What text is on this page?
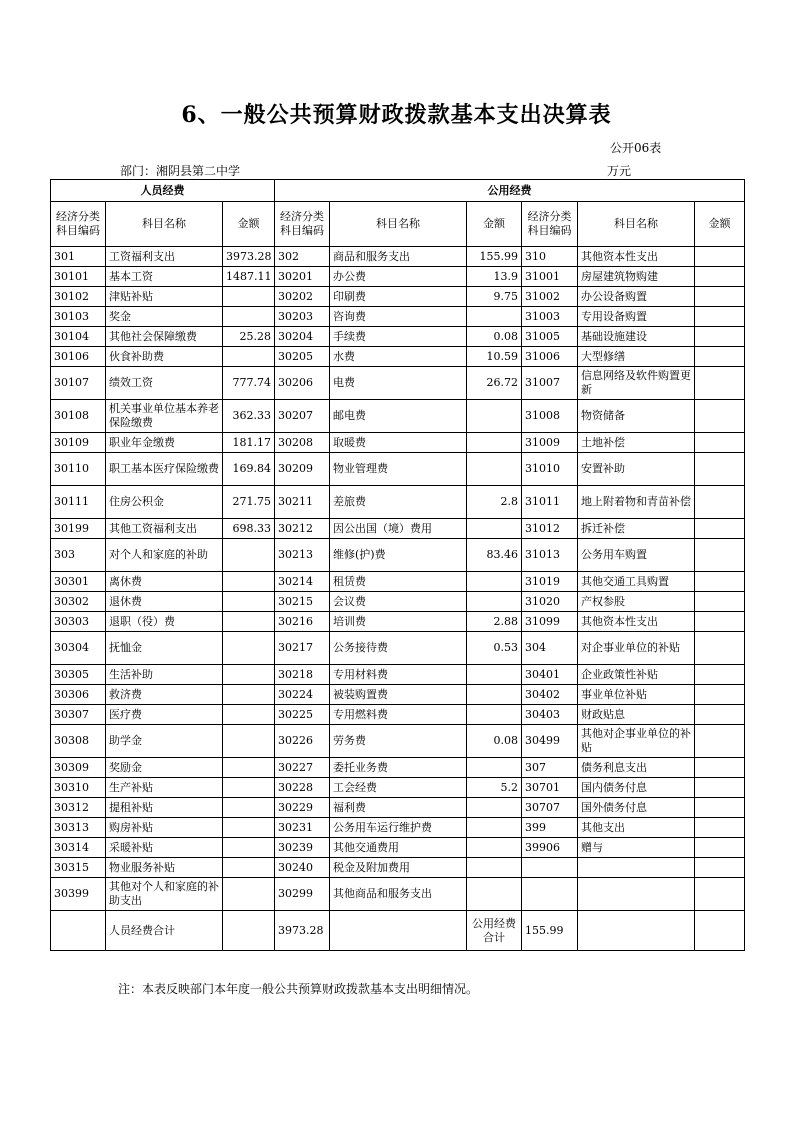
6、一般公共预算财政拨款基本支出决算表
公开06表
部门：湘阴县第二中学	万元
人员经费			公用经费					
经济分类科目编码	科目名称	金额	经济分类科目编码	科目名称	金额	经济分类科目编码	科目名称	金额
301	工资福利支出	3973.28	302	商品和服务支出	155.99	310	其他资本性支出	
30101	基本工资	1487.11	30201	办公费	13.9	31001	房屋建筑物购建	
30102	津贴补贴		30202	印刷费	9.75	31002	办公设备购置	
30103	奖金		30203	咨询费		31003	专用设备购置	
30104	其他社会保障缴费	25.28	30204	手续费	0.08	31005	基础设施建设	
30106	伙食补助费		30205	水费	10.59	31006	大型修缮	
30107	绩效工资	777.74	30206	电费	26.72	31007	信息网络及软件购置更新	
30108	机关事业单位基本养老保险缴费	362.33	30207	邮电费		31008	物资储备	
30109	职业年金缴费	181.17	30208	取暖费		31009	土地补偿	
30110	职工基本医疗保险缴费	169.84	30209	物业管理费		31010	安置补助	
30111	住房公积金	271.75	30211	差旅费	2.8	31011	地上附着物和青苗补偿	
30199	其他工资福利支出	698.33	30212	因公出国（境）费用		31012	拆迁补偿	
303	对个人和家庭的补助		30213	维修(护)费	83.46	31013	公务用车购置	
30301	离休费		30214	租赁费		31019	其他交通工具购置	
30302	退休费		30215	会议费		31020	产权参股	
30303	退职（役）费		30216	培训费	2.88	31099	其他资本性支出	
30304	抚恤金		30217	公务接待费	0.53	304	对企事业单位的补贴	
30305	生活补助		30218	专用材料费		30401	企业政策性补贴	
30306	救济费		30224	被装购置费		30402	事业单位补贴	
30307	医疗费		30225	专用燃料费		30403	财政贴息	
30308	助学金		30226	劳务费	0.08	30499	其他对企事业单位的补贴	
30309	奖励金		30227	委托业务费		307	债务利息支出	
30310	生产补贴		30228	工会经费	5.2	30701	国内债务付息	
30312	提租补贴		30229	福利费		30707	国外债务付息	
30313	购房补贴		30231	公务用车运行维护费		399	其他支出	
30314	采暖补贴		30239	其他交通费用		39906	赠与	
30315	物业服务补贴		30240	税金及附加费用				
30399	其他对个人和家庭的补助支出		30299	其他商品和服务支出				
	人员经费合计		3973.28		公用经费合计	155.99		
注：本表反映部门本年度一般公共预算财政拨款基本支出明细情况。
